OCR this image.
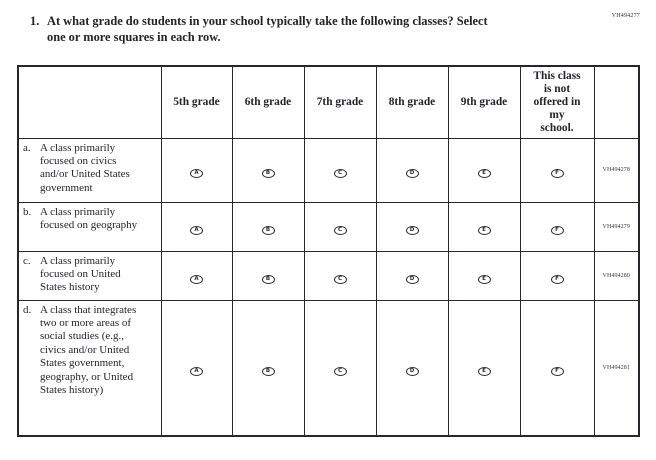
VH494277
1. At what grade do students in your school typically take the following classes? Select
one or more squares in each row.
	5th grade	6th grade	7th grade	8th grade	9th grade	This class
is not
offered in
my
school.	

a. A class primarily focused on civics and/or United States government	A	B	C	D	E	F	VH494278

b. A class primarily focused on geography	A	B	C	D	E	F	VH494279

c. A class primarily focused on United States history	A	B	C	D	E	F	VH494280

d. A class that integrates two or more areas of social studies (e.g., civics and/or United States government, geography, or United States history)	A	B	C	D	E	F	VH494281
